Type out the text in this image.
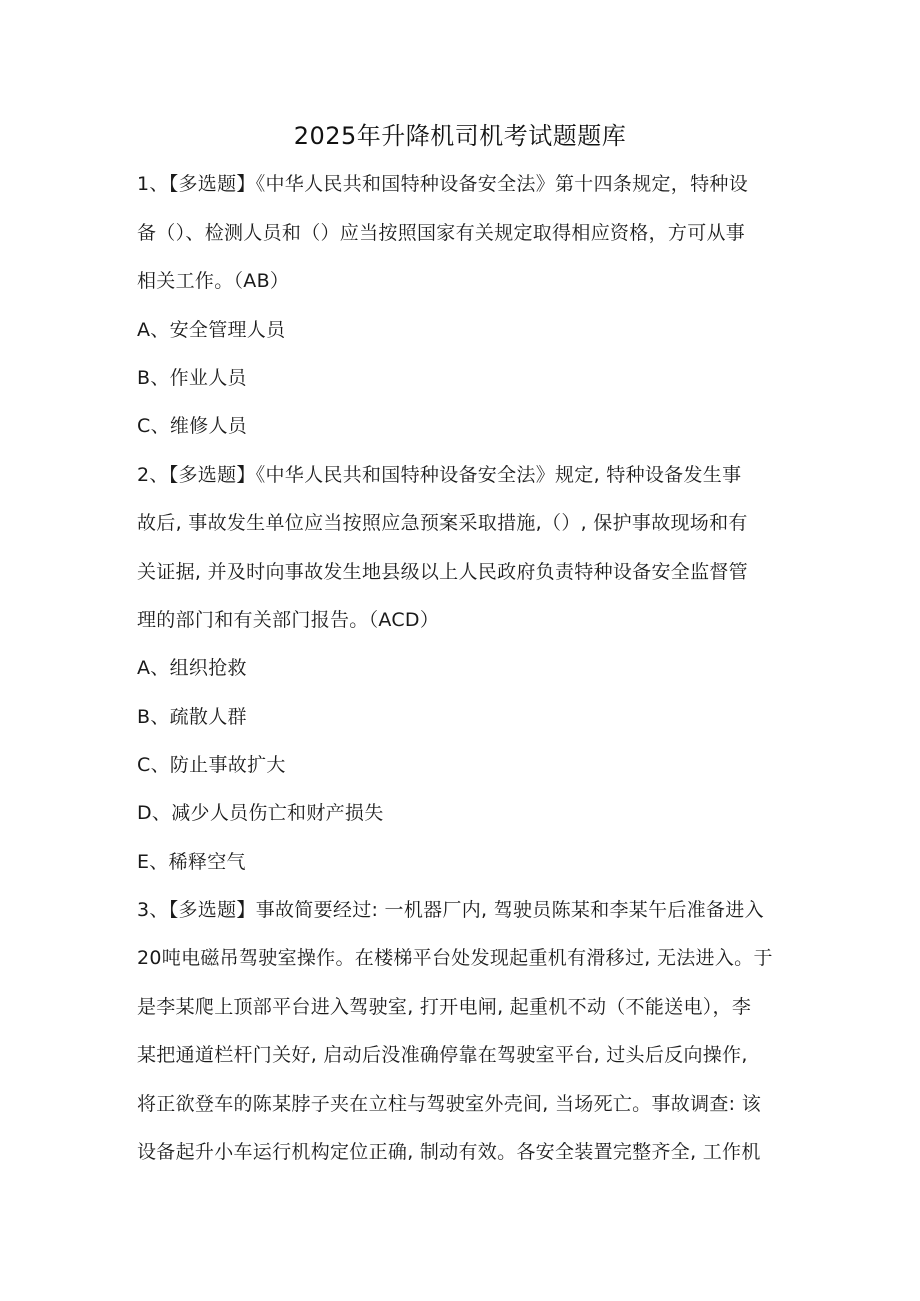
2025年升降机司机考试题题库
1、【多选题】《中华人民共和国特种设备安全法》第十四条规定，特种设
备（）、检测人员和（）应当按照国家有关规定取得相应资格，方可从事
相关工作。（AB）
A、安全管理人员
B、作业人员
C、维修人员
2、【多选题】《中华人民共和国特种设备安全法》规定, 特种设备发生事
故后, 事故发生单位应当按照应急预案采取措施,（）, 保护事故现场和有
关证据, 并及时向事故发生地县级以上人民政府负责特种设备安全监督管
理的部门和有关部门报告。（ACD）
A、组织抢救
B、疏散人群
C、防止事故扩大
D、减少人员伤亡和财产损失
E、稀释空气
3、【多选题】事故简要经过: 一机器厂内, 驾驶员陈某和李某午后准备进入
20吨电磁吊驾驶室操作。在楼梯平台处发现起重机有滑移过, 无法进入。于
是李某爬上顶部平台进入驾驶室, 打开电闸, 起重机不动（不能送电），李
某把通道栏杆门关好, 启动后没准确停靠在驾驶室平台, 过头后反向操作,
将正欲登车的陈某脖子夹在立柱与驾驶室外壳间, 当场死亡。事故调查: 该
设备起升小车运行机构定位正确, 制动有效。各安全装置完整齐全, 工作机
